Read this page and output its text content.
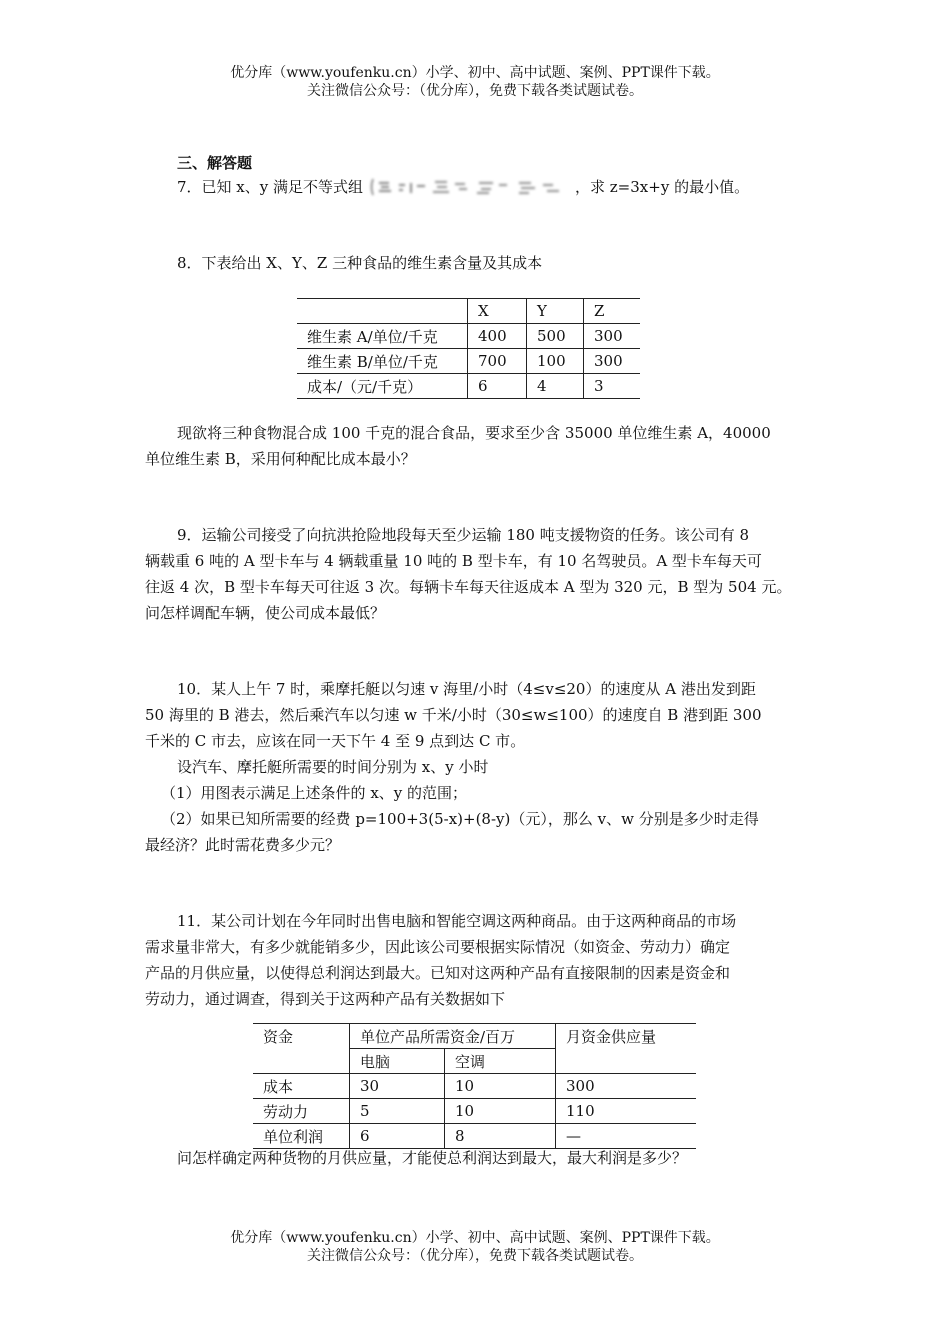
优分库（www.youfenku.cn）小学、初中、高中试题、案例、PPT课件下载。
关注微信公众号：（优分库），免费下载各类试题试卷。
三、解答题
7．已知 x、y 满足不等式组	，求 z=3x+y 的最小值。
8．下表给出 X、Y、Z 三种食品的维生素含量及其成本
现欲将三种食物混合成 100 千克的混合食品，要求至少含 35000 单位维生素 A，40000
单位维生素 B，采用何种配比成本最小？
9．运输公司接受了向抗洪抢险地段每天至少运输 180 吨支援物资的任务。该公司有 8
辆载重 6 吨的 A 型卡车与 4 辆载重量 10 吨的 B 型卡车，有 10 名驾驶员。A 型卡车每天可
往返 4 次，B 型卡车每天可往返 3 次。每辆卡车每天往返成本 A 型为 320 元，B 型为 504 元。
问怎样调配车辆，使公司成本最低？
10．某人上午 7 时，乘摩托艇以匀速 v 海里/小时（4≤v≤20）的速度从 A 港出发到距
50 海里的 B 港去，然后乘汽车以匀速 w 千米/小时（30≤w≤100）的速度自 B 港到距 300
千米的 C 市去，应该在同一天下午 4 至 9 点到达 C 市。
设汽车、摩托艇所需要的时间分别为 x、y 小时
（1）用图表示满足上述条件的 x、y 的范围；
（2）如果已知所需要的经费 p=100+3(5-x)+(8-y)（元），那么 v、w 分别是多少时走得
最经济？此时需花费多少元？
11．某公司计划在今年同时出售电脑和智能空调这两种商品。由于这两种商品的市场
需求量非常大，有多少就能销多少，因此该公司要根据实际情况（如资金、劳动力）确定
产品的月供应量，以使得总利润达到最大。已知对这两种产品有直接限制的因素是资金和
劳动力，通过调查，得到关于这两种产品有关数据如下
问怎样确定两种货物的月供应量，才能使总利润达到最大，最大利润是多少？
	X	Y	Z
维生素 A/单位/千克	400	500	300
维生素 B/单位/千克	700	100	300
成本/（元/千克）	6	4	3
资金	单位产品所需资金/百万		月资金供应量
	电脑	空调	
成本	30	10	300
劳动力	5	10	110
单位利润	6	8	—
优分库（www.youfenku.cn）小学、初中、高中试题、案例、PPT课件下载。
关注微信公众号：（优分库），免费下载各类试题试卷。
